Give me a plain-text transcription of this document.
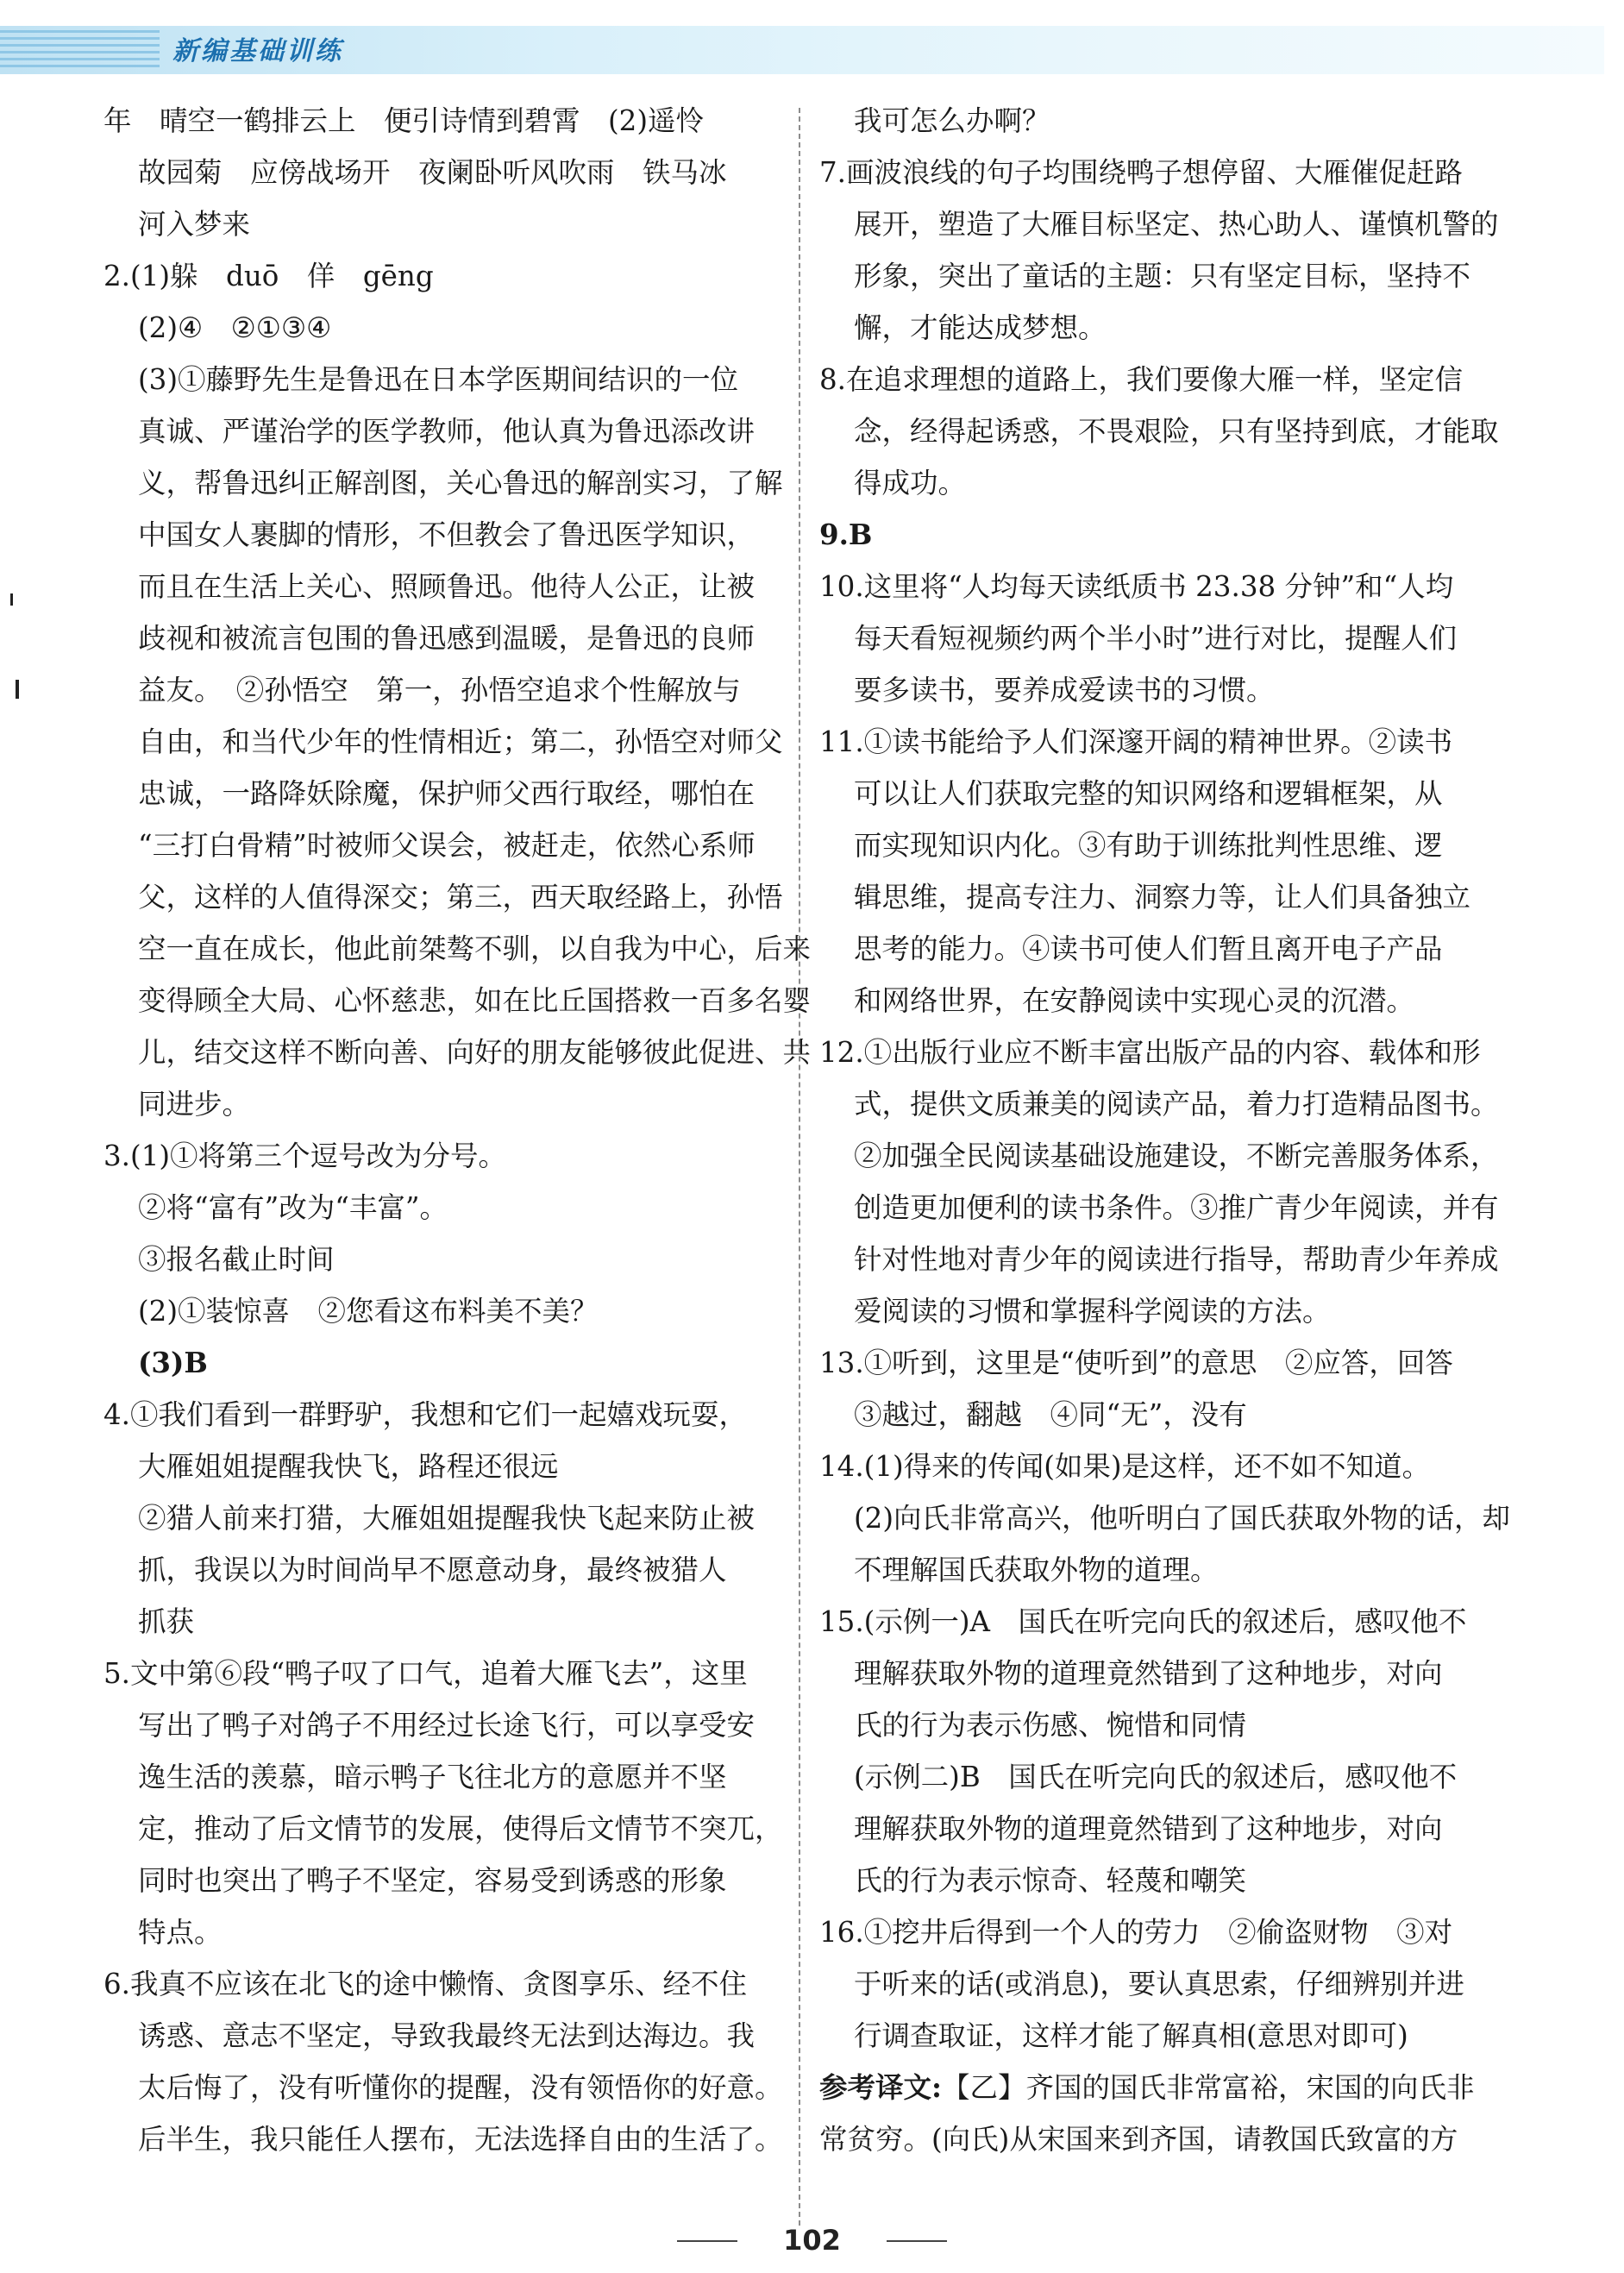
新编基础训练
年　晴空一鹤排云上　便引诗情到碧霄　(2)遥怜
故园菊　应傍战场开　夜阑卧听风吹雨　铁马冰
河入梦来
2.(1)躲　duō　佯　gēng
(2)④　②①③④
(3)①藤野先生是鲁迅在日本学医期间结识的一位
真诚、严谨治学的医学教师，他认真为鲁迅添改讲
义，帮鲁迅纠正解剖图，关心鲁迅的解剖实习，了解
中国女人裹脚的情形，不但教会了鲁迅医学知识，
而且在生活上关心、照顾鲁迅。他待人公正，让被
歧视和被流言包围的鲁迅感到温暖，是鲁迅的良师
益友。　②孙悟空　第一，孙悟空追求个性解放与
自由，和当代少年的性情相近；第二，孙悟空对师父
忠诚，一路降妖除魔，保护师父西行取经，哪怕在
“三打白骨精”时被师父误会，被赶走，依然心系师
父，这样的人值得深交；第三，西天取经路上，孙悟
空一直在成长，他此前桀骜不驯，以自我为中心，后来
变得顾全大局、心怀慈悲，如在比丘国搭救一百多名婴
儿，结交这样不断向善、向好的朋友能够彼此促进、共
同进步。
3.(1)①将第三个逗号改为分号。
②将“富有”改为“丰富”。
③报名截止时间
(2)①装惊喜　②您看这布料美不美？
(3)B
4.①我们看到一群野驴，我想和它们一起嬉戏玩耍，
大雁姐姐提醒我快飞，路程还很远
②猎人前来打猎，大雁姐姐提醒我快飞起来防止被
抓，我误以为时间尚早不愿意动身，最终被猎人
抓获
5.文中第⑥段“鸭子叹了口气，追着大雁飞去”，这里
写出了鸭子对鸽子不用经过长途飞行，可以享受安
逸生活的羡慕，暗示鸭子飞往北方的意愿并不坚
定，推动了后文情节的发展，使得后文情节不突兀，
同时也突出了鸭子不坚定，容易受到诱惑的形象
特点。
6.我真不应该在北飞的途中懒惰、贪图享乐、经不住
诱惑、意志不坚定，导致我最终无法到达海边。我
太后悔了，没有听懂你的提醒，没有领悟你的好意。
后半生，我只能任人摆布，无法选择自由的生活了。
我可怎么办啊？
7.画波浪线的句子均围绕鸭子想停留、大雁催促赶路
展开，塑造了大雁目标坚定、热心助人、谨慎机警的
形象，突出了童话的主题：只有坚定目标，坚持不
懈，才能达成梦想。
8.在追求理想的道路上，我们要像大雁一样，坚定信
念，经得起诱惑，不畏艰险，只有坚持到底，才能取
得成功。
9.B
10.这里将“人均每天读纸质书 23.38 分钟”和“人均
每天看短视频约两个半小时”进行对比，提醒人们
要多读书，要养成爱读书的习惯。
11.①读书能给予人们深邃开阔的精神世界。②读书
可以让人们获取完整的知识网络和逻辑框架，从
而实现知识内化。③有助于训练批判性思维、逻
辑思维，提高专注力、洞察力等，让人们具备独立
思考的能力。④读书可使人们暂且离开电子产品
和网络世界，在安静阅读中实现心灵的沉潜。
12.①出版行业应不断丰富出版产品的内容、载体和形
式，提供文质兼美的阅读产品，着力打造精品图书。
②加强全民阅读基础设施建设，不断完善服务体系，
创造更加便利的读书条件。③推广青少年阅读，并有
针对性地对青少年的阅读进行指导，帮助青少年养成
爱阅读的习惯和掌握科学阅读的方法。
13.①听到，这里是“使听到”的意思　②应答，回答
③越过，翻越　④同“无”，没有
14.(1)得来的传闻(如果)是这样，还不如不知道。
(2)向氏非常高兴，他听明白了国氏获取外物的话，却
不理解国氏获取外物的道理。
15.(示例一)A　国氏在听完向氏的叙述后，感叹他不
理解获取外物的道理竟然错到了这种地步，对向
氏的行为表示伤感、惋惜和同情
(示例二)B　国氏在听完向氏的叙述后，感叹他不
理解获取外物的道理竟然错到了这种地步，对向
氏的行为表示惊奇、轻蔑和嘲笑
16.①挖井后得到一个人的劳力　②偷盗财物　③对
于听来的话(或消息)，要认真思索，仔细辨别并进
行调查取证，这样才能了解真相(意思对即可)
参考译文:【乙】齐国的国氏非常富裕，宋国的向氏非
常贫穷。(向氏)从宋国来到齐国，请教国氏致富的方
102
